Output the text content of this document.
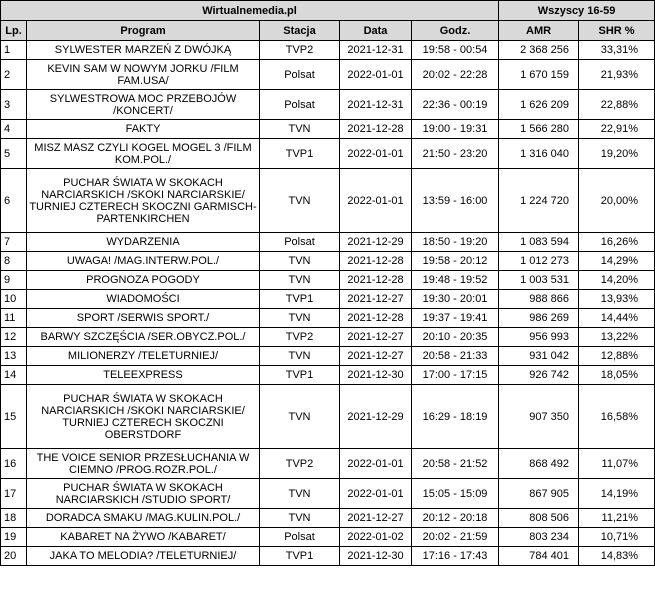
Wirtualnemedia.pl					Wszyscy 16-59	
Lp.	Program	Stacja	Data	Godz.	AMR	SHR %
1	SYLWESTER MARZEŃ Z DWÓJKĄ	TVP2	2021-12-31	19:58 - 00:54	2 368 256	33,31%
2	KEVIN SAM W NOWYM JORKU /FILM FAM.USA/	Polsat	2022-01-01	20:02 - 22:28	1 670 159	21,93%
3	SYLWESTROWA MOC PRZEBOJÓW /KONCERT/	Polsat	2021-12-31	22:36 - 00:19	1 626 209	22,88%
4	FAKTY	TVN	2021-12-28	19:00 - 19:31	1 566 280	22,91%
5	MISZ MASZ CZYLI KOGEL MOGEL 3 /FILM KOM.POL./	TVP1	2022-01-01	21:50 - 23:20	1 316 040	19,20%
6	PUCHAR ŚWIATA W SKOKACH NARCIARSKICH /SKOKI NARCIARSKIE/ TURNIEJ CZTERECH SKOCZNI GARMISCH-PARTENKIRCHEN	TVN	2022-01-01	13:59 - 16:00	1 224 720	20,00%
7	WYDARZENIA	Polsat	2021-12-29	18:50 - 19:20	1 083 594	16,26%
8	UWAGA! /MAG.INTERW.POL./	TVN	2021-12-28	19:58 - 20:12	1 012 273	14,29%
9	PROGNOZA POGODY	TVN	2021-12-28	19:48 - 19:52	1 003 531	14,20%
10	WIADOMOŚCI	TVP1	2021-12-27	19:30 - 20:01	988 866	13,93%
11	SPORT /SERWIS SPORT./	TVN	2021-12-28	19:37 - 19:41	986 269	14,44%
12	BARWY SZCZĘŚCIA /SER.OBYCZ.POL./	TVP2	2021-12-27	20:10 - 20:35	956 993	13,22%
13	MILIONERZY /TELETURNIEJ/	TVN	2021-12-27	20:58 - 21:33	931 042	12,88%
14	TELEEXPRESS	TVP1	2021-12-30	17:00 - 17:15	926 742	18,05%
15	PUCHAR ŚWIATA W SKOKACH NARCIARSKICH /SKOKI NARCIARSKIE/ TURNIEJ CZTERECH SKOCZNI OBERSTDORF	TVN	2021-12-29	16:29 - 18:19	907 350	16,58%
16	THE VOICE SENIOR PRZESŁUCHANIA W CIEMNO /PROG.ROZR.POL./	TVP2	2022-01-01	20:58 - 21:52	868 492	11,07%
17	PUCHAR ŚWIATA W SKOKACH NARCIARSKICH /STUDIO SPORT/	TVN	2022-01-01	15:05 - 15:09	867 905	14,19%
18	DORADCA SMAKU /MAG.KULIN.POL./	TVN	2021-12-27	20:12 - 20:18	808 506	11,21%
19	KABARET NA ŻYWO /KABARET/	Polsat	2022-01-02	20:02 - 21:59	803 234	10,71%
20	JAKA TO MELODIA? /TELETURNIEJ/	TVP1	2021-12-30	17:16 - 17:43	784 401	14,83%
